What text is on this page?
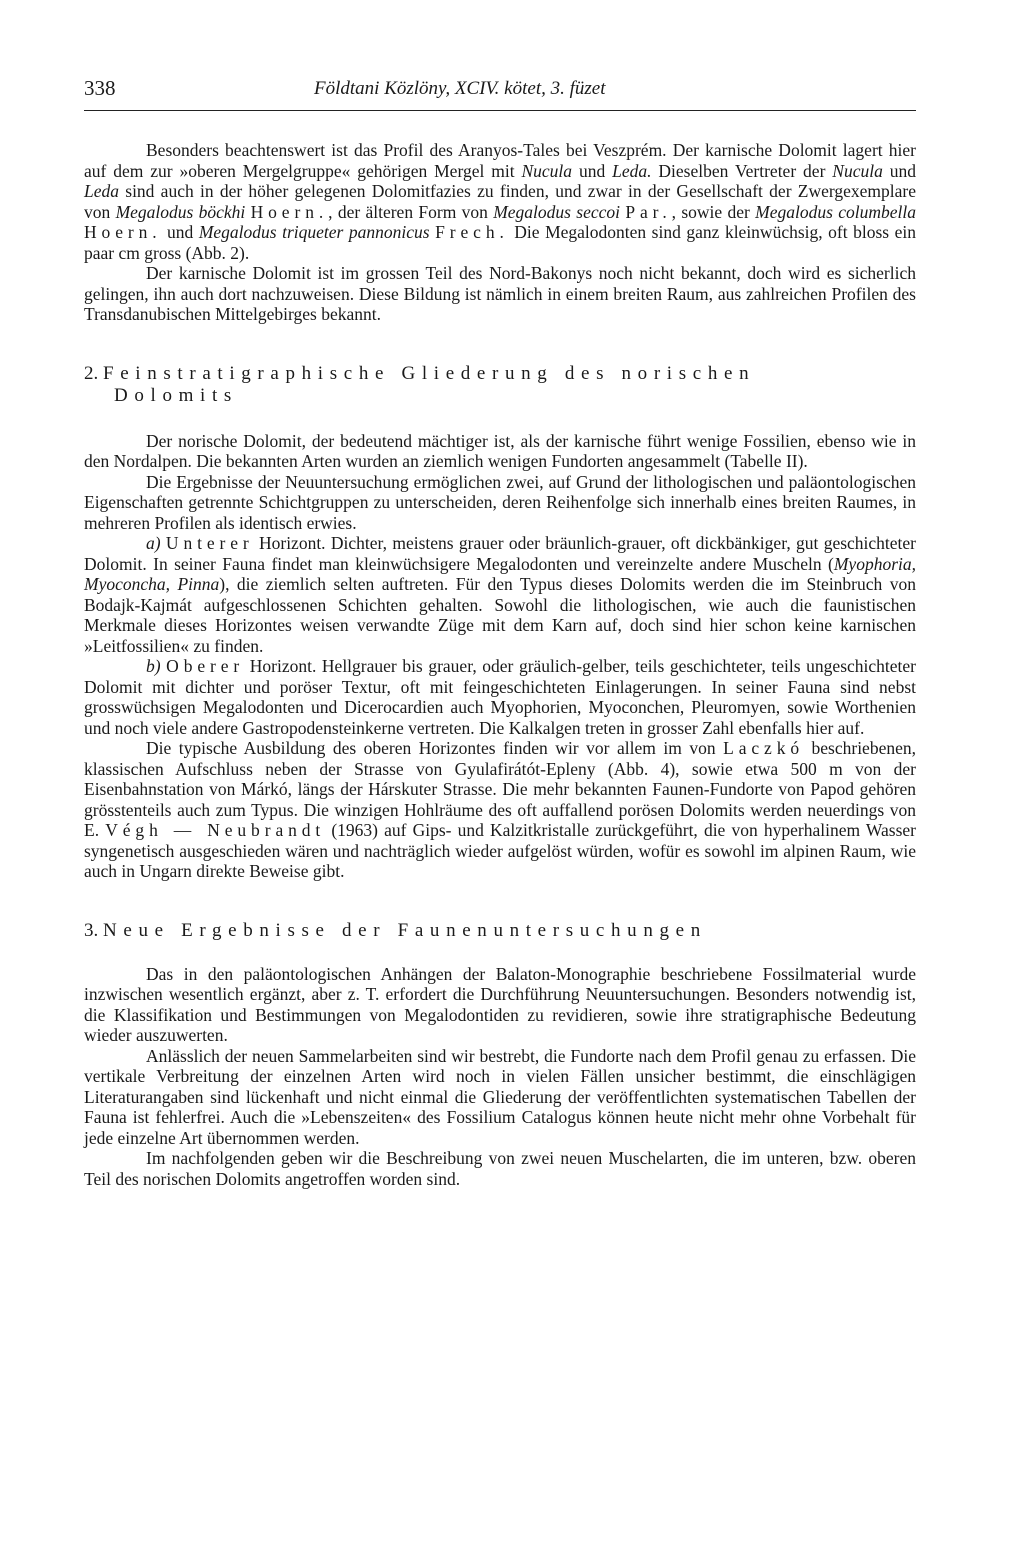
338	Földtani Közlöny, XCIV. kötet, 3. füzet

Besonders beachtenswert ist das Profil des Aranyos-Tales bei Veszprém. Der karnische Dolomit lagert hier auf dem zur »oberen Mergelgruppe« gehörigen Mergel mit Nucula und Leda. Dieselben Vertreter der Nucula und Leda sind auch in der höher gelegenen Dolomitfazies zu finden, und zwar in der Gesellschaft der Zwergexemplare von Megalodus böckhi Hoern., der älteren Form von Megalodus seccoi Par., sowie der Megalodus columbella Hoern. und Megalodus triqueter pannonicus Frech. Die Megalodonten sind ganz kleinwüchsig, oft bloss ein paar cm gross (Abb. 2).

Der karnische Dolomit ist im grossen Teil des Nord-Bakonys noch nicht bekannt, doch wird es sicherlich gelingen, ihn auch dort nachzuweisen. Diese Bildung ist nämlich in einem breiten Raum, aus zahlreichen Profilen des Transdanubischen Mittelgebirges bekannt.

2. Feinstratigraphische Gliederung des norischen
Dolomits

Der norische Dolomit, der bedeutend mächtiger ist, als der karnische führt wenige Fossilien, ebenso wie in den Nordalpen. Die bekannten Arten wurden an ziemlich wenigen Fundorten angesammelt (Tabelle II).

Die Ergebnisse der Neuuntersuchung ermöglichen zwei, auf Grund der lithologischen und paläontologischen Eigenschaften getrennte Schichtgruppen zu unterscheiden, deren Reihenfolge sich innerhalb eines breiten Raumes, in mehreren Profilen als identisch erwies.

a) Unterer Horizont. Dichter, meistens grauer oder bräunlich-grauer, oft dickbänkiger, gut geschichteter Dolomit. In seiner Fauna findet man kleinwüchsigere Megalodonten und vereinzelte andere Muscheln (Myophoria, Myoconcha, Pinna), die ziemlich selten auftreten. Für den Typus dieses Dolomits werden die im Steinbruch von Bodajk-Kajmát aufgeschlossenen Schichten gehalten. Sowohl die lithologischen, wie auch die faunistischen Merkmale dieses Horizontes weisen verwandte Züge mit dem Karn auf, doch sind hier schon keine karnischen »Leitfossilien« zu finden.

b) Oberer Horizont. Hellgrauer bis grauer, oder gräulich-gelber, teils geschichteter, teils ungeschichteter Dolomit mit dichter und poröser Textur, oft mit feingeschichteten Einlagerungen. In seiner Fauna sind nebst grosswüchsigen Megalodonten und Dicerocardien auch Myophorien, Myoconchen, Pleuromyen, sowie Worthenien und noch viele andere Gastropodensteinkerne vertreten. Die Kalkalgen treten in grosser Zahl ebenfalls hier auf.

Die typische Ausbildung des oberen Horizontes finden wir vor allem im von Laczkó beschriebenen, klassischen Aufschluss neben der Strasse von Gyulafirátót-Epleny (Abb. 4), sowie etwa 500 m von der Eisenbahnstation von Márkó, längs der Hárskuter Strasse. Die mehr bekannten Faunen-Fundorte von Papod gehören grösstenteils auch zum Typus. Die winzigen Hohlräume des oft auffallend porösen Dolomits werden neuerdings von E. Végh — Neubrandt (1963) auf Gips- und Kalzitkristalle zurückgeführt, die von hyperhalinem Wasser syngenetisch ausgeschieden wären und nachträglich wieder aufgelöst würden, wofür es sowohl im alpinen Raum, wie auch in Ungarn direkte Beweise gibt.

3. Neue Ergebnisse der Faunenuntersuchungen

Das in den paläontologischen Anhängen der Balaton-Monographie beschriebene Fossilmaterial wurde inzwischen wesentlich ergänzt, aber z. T. erfordert die Durchführung Neuuntersuchungen. Besonders notwendig ist, die Klassifikation und Bestimmungen von Megalodontiden zu revidieren, sowie ihre stratigraphische Bedeutung wieder auszuwerten.

Anlässlich der neuen Sammelarbeiten sind wir bestrebt, die Fundorte nach dem Profil genau zu erfassen. Die vertikale Verbreitung der einzelnen Arten wird noch in vielen Fällen unsicher bestimmt, die einschlägigen Literaturangaben sind lückenhaft und nicht einmal die Gliederung der veröffentlichten systematischen Tabellen der Fauna ist fehlerfrei. Auch die »Lebenszeiten« des Fossilium Catalogus können heute nicht mehr ohne Vorbehalt für jede einzelne Art übernommen werden.

Im nachfolgenden geben wir die Beschreibung von zwei neuen Muschelarten, die im unteren, bzw. oberen Teil des norischen Dolomits angetroffen worden sind.
